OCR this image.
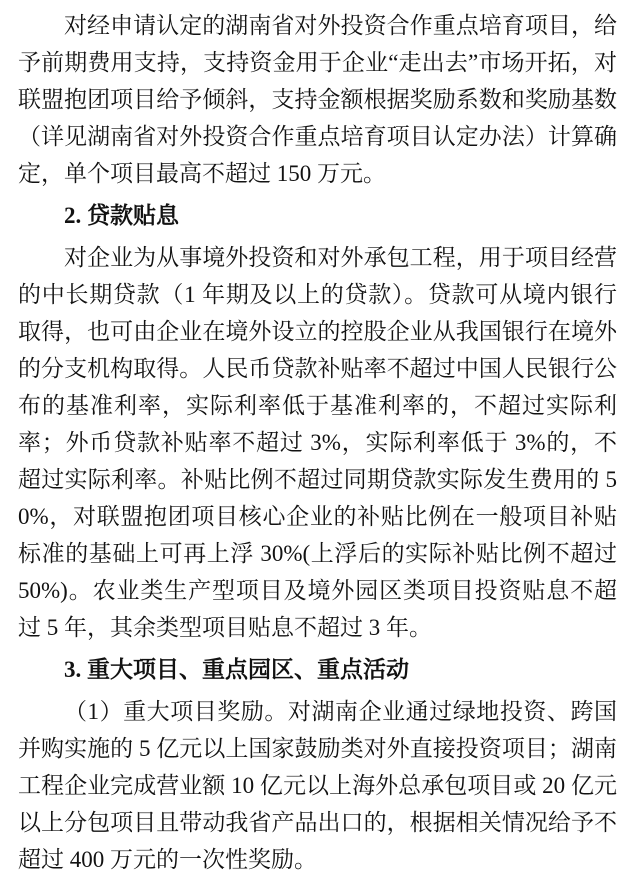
对经申请认定的湖南省对外投资合作重点培育项目，给予前期费用支持，支持资金用于企业“走出去”市场开拓，对联盟抱团项目给予倾斜，支持金额根据奖励系数和奖励基数（详见湖南省对外投资合作重点培育项目认定办法）计算确定，单个项目最高不超过 150 万元。

2. 贷款贴息

对企业为从事境外投资和对外承包工程，用于项目经营的中长期贷款（1 年期及以上的贷款）。贷款可从境内银行取得，也可由企业在境外设立的控股企业从我国银行在境外的分支机构取得。人民币贷款补贴率不超过中国人民银行公布的基准利率，实际利率低于基准利率的，不超过实际利率；外币贷款补贴率不超过 3%，实际利率低于 3%的，不超过实际利率。补贴比例不超过同期贷款实际发生费用的 50%，对联盟抱团项目核心企业的补贴比例在一般项目补贴标准的基础上可再上浮 30%(上浮后的实际补贴比例不超过 50%)。农业类生产型项目及境外园区类项目投资贴息不超过 5 年，其余类型项目贴息不超过 3 年。

3. 重大项目、重点园区、重点活动

（1）重大项目奖励。对湖南企业通过绿地投资、跨国并购实施的 5 亿元以上国家鼓励类对外直接投资项目；湖南工程企业完成营业额 10 亿元以上海外总承包项目或 20 亿元以上分包项目且带动我省产品出口的，根据相关情况给予不超过 400 万元的一次性奖励。
